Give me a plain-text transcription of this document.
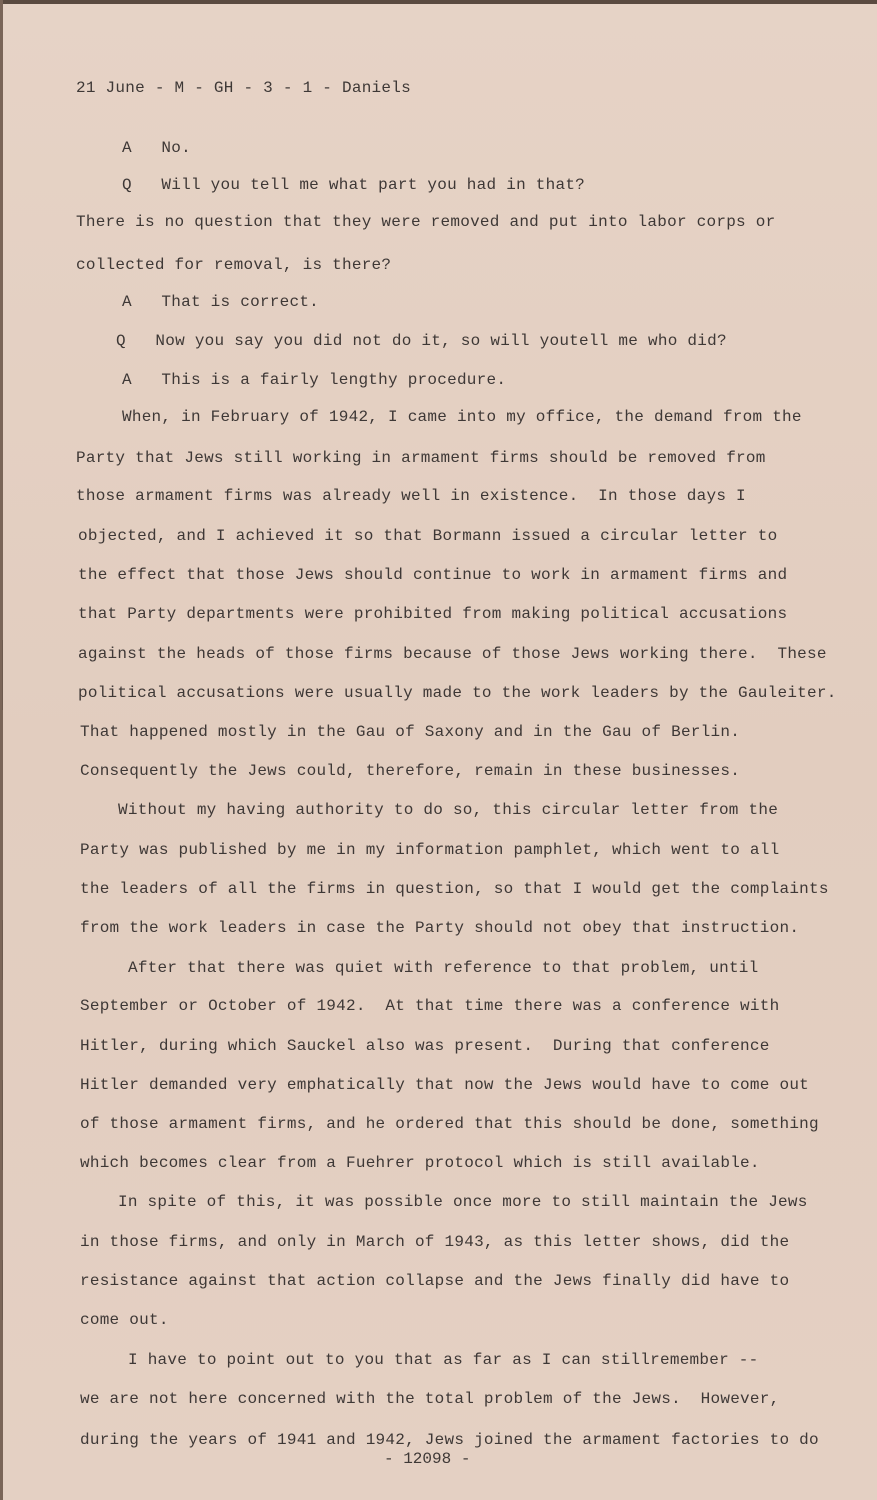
21 June - M - GH - 3 - 1 - Daniels
A   No.
Q   Will you tell me what part you had in that?
There is no question that they were removed and put into labor corps or
collected for removal, is there?
A   That is correct.
Q   Now you say you did not do it, so will youtell me who did?
A   This is a fairly lengthy procedure.
When, in February of 1942, I came into my office, the demand from the
Party that Jews still working in armament firms should be removed from
those armament firms was already well in existence.  In those days I
objected, and I achieved it so that Bormann issued a circular letter to
the effect that those Jews should continue to work in armament firms and
that Party departments were prohibited from making political accusations
against the heads of those firms because of those Jews working there.  These
political accusations were usually made to the work leaders by the Gauleiter.
That happened mostly in the Gau of Saxony and in the Gau of Berlin.
Consequently the Jews could, therefore, remain in these businesses.
Without my having authority to do so, this circular letter from the
Party was published by me in my information pamphlet, which went to all
the leaders of all the firms in question, so that I would get the complaints
from the work leaders in case the Party should not obey that instruction.
After that there was quiet with reference to that problem, until
September or October of 1942.  At that time there was a conference with
Hitler, during which Sauckel also was present.  During that conference
Hitler demanded very emphatically that now the Jews would have to come out
of those armament firms, and he ordered that this should be done, something
which becomes clear from a Fuehrer protocol which is still available.
In spite of this, it was possible once more to still maintain the Jews
in those firms, and only in March of 1943, as this letter shows, did the
resistance against that action collapse and the Jews finally did have to
come out.
I have to point out to you that as far as I can stillremember --
we are not here concerned with the total problem of the Jews.  However,
during the years of 1941 and 1942, Jews joined the armament factories to do
- 12098 -
